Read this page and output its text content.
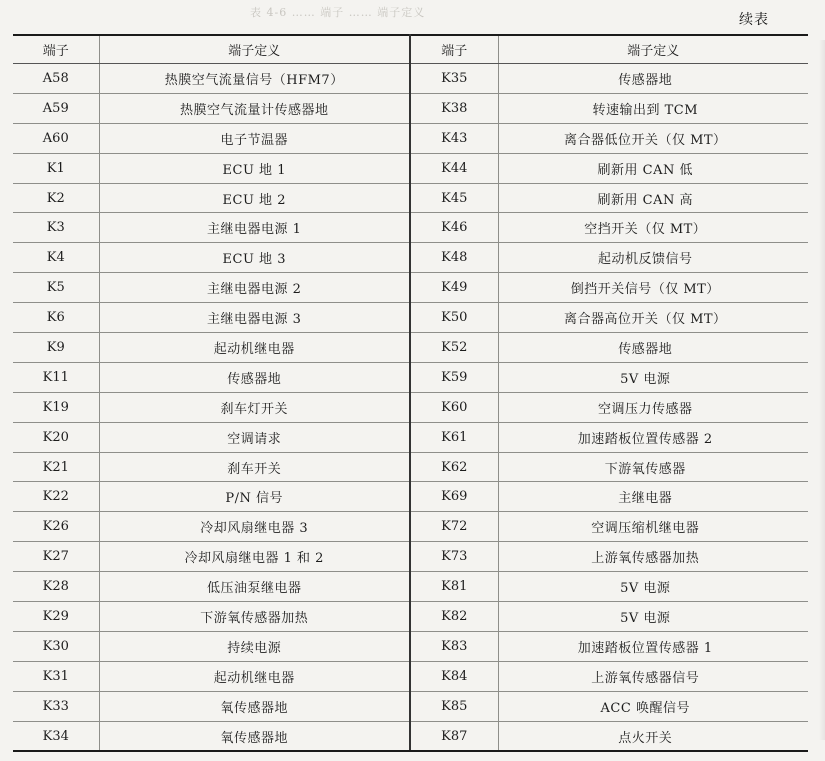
表 4-6 …… 端子 …… 端子定义	续表
端子	端子定义	端子	端子定义
A58	热膜空气流量信号（HFM7）	K35	传感器地
A59	热膜空气流量计传感器地	K38	转速输出到 TCM
A60	电子节温器	K43	离合器低位开关（仅 MT）
K1	ECU 地 1	K44	刷新用 CAN 低
K2	ECU 地 2	K45	刷新用 CAN 高
K3	主继电器电源 1	K46	空挡开关（仅 MT）
K4	ECU 地 3	K48	起动机反馈信号
K5	主继电器电源 2	K49	倒挡开关信号（仅 MT）
K6	主继电器电源 3	K50	离合器高位开关（仅 MT）
K9	起动机继电器	K52	传感器地
K11	传感器地	K59	5V 电源
K19	刹车灯开关	K60	空调压力传感器
K20	空调请求	K61	加速踏板位置传感器 2
K21	刹车开关	K62	下游氧传感器
K22	P/N 信号	K69	主继电器
K26	冷却风扇继电器 3	K72	空调压缩机继电器
K27	冷却风扇继电器 1 和 2	K73	上游氧传感器加热
K28	低压油泵继电器	K81	5V 电源
K29	下游氧传感器加热	K82	5V 电源
K30	持续电源	K83	加速踏板位置传感器 1
K31	起动机继电器	K84	上游氧传感器信号
K33	氧传感器地	K85	ACC 唤醒信号
K34	氧传感器地	K87	点火开关
